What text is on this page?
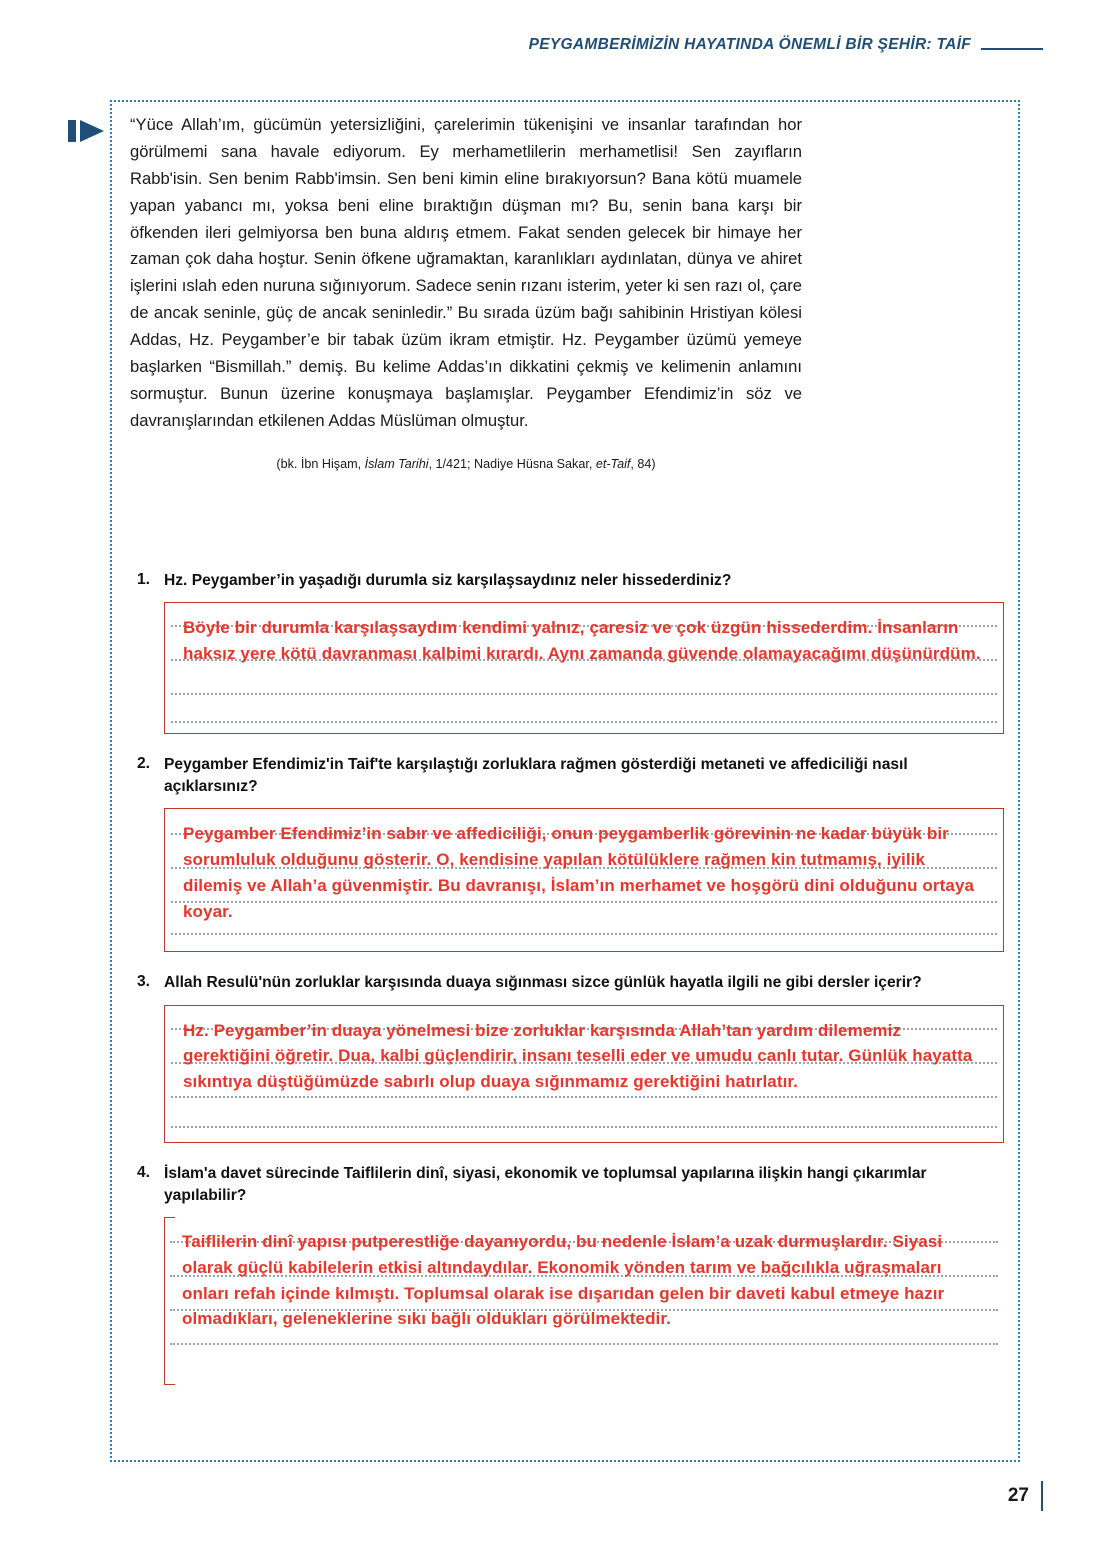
PEYGAMBERİMİZİN HAYATINDA ÖNEMLİ BİR ŞEHİR: TAİF

“Yüce Allah’ım, gücümün yetersizliğini, çarelerimin tükenişini ve insanlar tarafından hor görülmemi sana havale ediyorum. Ey merhametlilerin merhametlisi! Sen zayıfların Rabb'isin. Sen benim Rabb'imsin. Sen beni kimin eline bırakıyorsun? Bana kötü muamele yapan yabancı mı, yoksa beni eline bıraktığın düşman mı? Bu, senin bana karşı bir öfkenden ileri gelmiyorsa ben buna aldırış etmem. Fakat senden gelecek bir himaye her zaman çok daha hoştur. Senin öfkene uğramaktan, karanlıkları aydınlatan, dünya ve ahiret işlerini ıslah eden nuruna sığınıyorum. Sadece senin rızanı isterim, yeter ki sen razı ol, çare de ancak seninle, güç de ancak seninledir.” Bu sırada üzüm bağı sahibinin Hristiyan kölesi Addas, Hz. Peygamber’e bir tabak üzüm ikram etmiştir. Hz. Peygamber üzümü yemeye başlarken “Bismillah.” demiş. Bu kelime Addas’ın dikkatini çekmiş ve kelimenin anlamını sormuştur. Bunun üzerine konuşmaya başlamışlar. Peygamber Efendimiz’in söz ve davranışlarından etkilenen Addas Müslüman olmuştur.

(bk. İbn Hişam, İslam Tarihi, 1/421; Nadiye Hüsna Sakar, et-Taif, 84)
1. Hz. Peygamber’in yaşadığı durumla siz karşılaşsaydınız neler hissederdiniz?

Böyle bir durumla karşılaşsaydım kendimi yalnız, çaresiz ve çok üzgün hissederdim. İnsanların haksız yere kötü davranması kalbimi kırardı. Aynı zamanda güvende olamayacağımı düşünürdüm.

2. Peygamber Efendimiz'in Taif'te karşılaştığı zorluklara rağmen gösterdiği metaneti ve affediciliği nasıl açıklarsınız?

Peygamber Efendimiz’in sabır ve affediciliği, onun peygamberlik görevinin ne kadar büyük bir sorumluluk olduğunu gösterir. O, kendisine yapılan kötülüklere rağmen kin tutmamış, iyilik dilemiş ve Allah’a güvenmiştir. Bu davranışı, İslam’ın merhamet ve hoşgörü dini olduğunu ortaya koyar.

3. Allah Resulü'nün zorluklar karşısında duaya sığınması sizce günlük hayatla ilgili ne gibi dersler içerir?

Hz. Peygamber’in duaya yönelmesi bize zorluklar karşısında Allah’tan yardım dilememiz gerektiğini öğretir. Dua, kalbi güçlendirir, insanı teselli eder ve umudu canlı tutar. Günlük hayatta sıkıntıya düştüğümüzde sabırlı olup duaya sığınmamız gerektiğini hatırlatır.

4. İslam'a davet sürecinde Taiflilerin dinî, siyasi, ekonomik ve toplumsal yapılarına ilişkin hangi çıkarımlar yapılabilir?

Taiflilerin dinî yapısı putperestliğe dayanıyordu, bu nedenle İslam’a uzak durmuşlardır. Siyasi olarak güçlü kabilelerin etkisi altındaydılar. Ekonomik yönden tarım ve bağcılıkla uğraşmaları onları refah içinde kılmıştı. Toplumsal olarak ise dışarıdan gelen bir daveti kabul etmeye hazır olmadıkları, geleneklerine sıkı bağlı oldukları görülmektedir.

27
